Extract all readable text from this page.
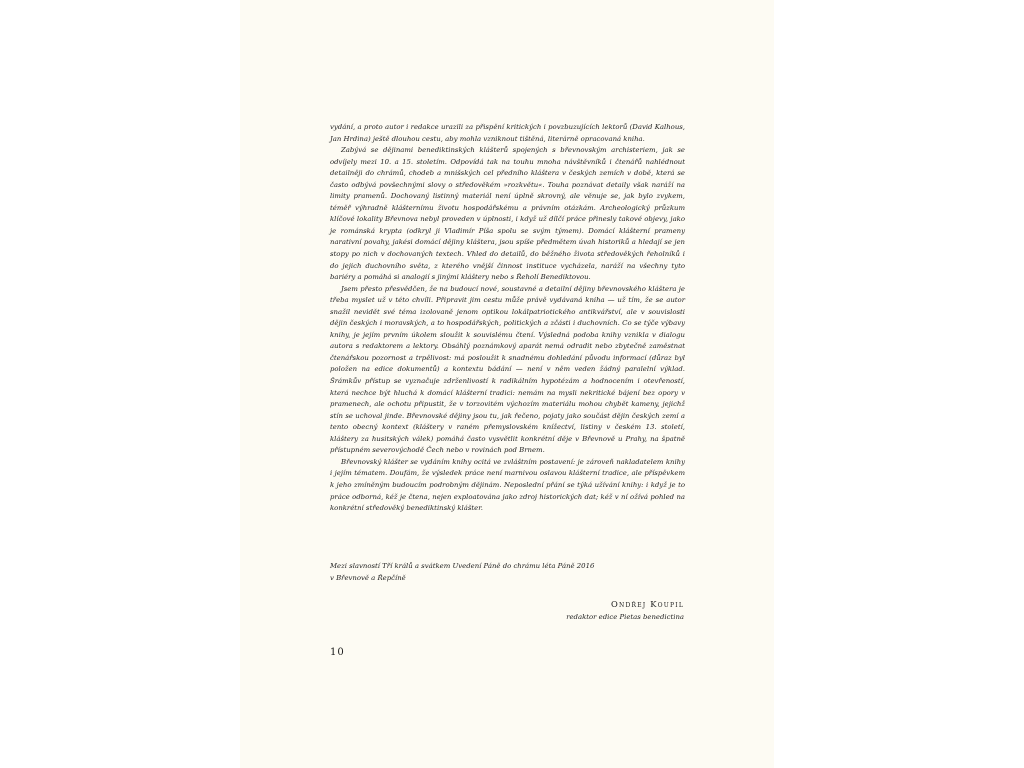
vydání, a proto autor i redakce urazili za přispění kritických i povzbuzujících lektorů (David Kalhous, Jan Hrdina) ještě dlouhou cestu, aby mohla vzniknout tištěná, literárně opracovaná kniha.

Zabývá se dějinami benediktinských klášterů spojených s břevnovským archisteriem, jak se odvíjely mezi 10. a 15. stoletím. Odpovídá tak na touhu mnoha návštěvníků i čtenářů nahlédnout detailněji do chrámů, chodeb a mnišských cel předního kláštera v českých zemích v době, která se často odbývá povšechnými slovy o středověkém »rozkvětu«. Touha poznávat detaily však naráží na limity pramenů. Dochovaný listinný materiál není úplně skrovný, ale věnuje se, jak bylo zvykem, téměř výhradně klášternímu životu hospodářskému a právním otázkám. Archeologický průzkum klíčové lokality Břevnova nebyl proveden v úplnosti, i když už dílčí práce přinesly takové objevy, jako je románská krypta (odkryl ji Vladimír Píša spolu se svým týmem). Domácí klášterní prameny narativní povahy, jakési domácí dějiny kláštera, jsou spíše předmětem úvah historiků a hledají se jen stopy po nich v dochovaných textech. Vhled do detailů, do běžného života středověkých řeholníků i do jejich duchovního světa, z kterého vnější činnost instituce vycházela, naráží na všechny tyto bariéry a pomáhá si analogií s jinými kláštery nebo s Řeholí Benediktovou.

Jsem přesto přesvědčen, že na budoucí nové, soustavné a detailní dějiny břevnovského kláštera je třeba myslet už v této chvíli. Připravit jim cestu může právě vydávaná kniha — už tím, že se autor snažil nevidět své téma izolovaně jenom optikou lokálpatriotického antikvářství, ale v souvislosti dějin českých i moravských, a to hospodářských, politických a zčásti i duchovních. Co se týče výbavy knihy, je jejím prvním úkolem sloužit k souvislému čtení. Výsledná podoba knihy vznikla v dialogu autora s redaktorem a lektory. Obsáhlý poznámkový aparát nemá odradit nebo zbytečně zaměstnat čtenářskou pozornost a trpělivost: má posloužit k snadnému dohledání původu informací (důraz byl položen na edice dokumentů) a kontextu bádání — není v něm veden žádný paralelní výklad. Šrámkův přístup se vyznačuje zdrženlivostí k radikálním hypotézám a hodnocením i otevřeností, která nechce být hluchá k domácí klášterní tradici: nemám na mysli nekritické bájení bez opory v pramenech, ale ochotu připustit, že v torzovitém výchozím materiálu mohou chybět kameny, jejichž stín se uchoval jinde. Břevnovské dějiny jsou tu, jak řečeno, pojaty jako součást dějin českých zemí a tento obecný kontext (kláštery v raném přemyslovském knížectví, listiny v českém 13. století, kláštery za husitských válek) pomáhá často vysvětlit konkrétní děje v Břevnově u Prahy, na špatně přístupném severovýchodě Čech nebo v rovinách pod Brnem.

Břevnovský klášter se vydáním knihy ocitá ve zvláštním postavení: je zároveň nakladatelem knihy i jejím tématem. Doufám, že výsledek práce není marnivou oslavou klášterní tradice, ale příspěvkem k jeho zmíněným budoucím podrobným dějinám. Neposlední přání se týká užívání knihy: i když je to práce odborná, kéž je čtena, nejen exploatována jako zdroj historických dat; kéž v ní ožívá pohled na konkrétní středověký benediktinský klášter.

Mezi slavností Tří králů a svátkem Uvedení Páně do chrámu léta Páně 2016
v Břevnově a Řepčíně
Ondřej Koupil
redaktor edice Pietas benedictina
10
